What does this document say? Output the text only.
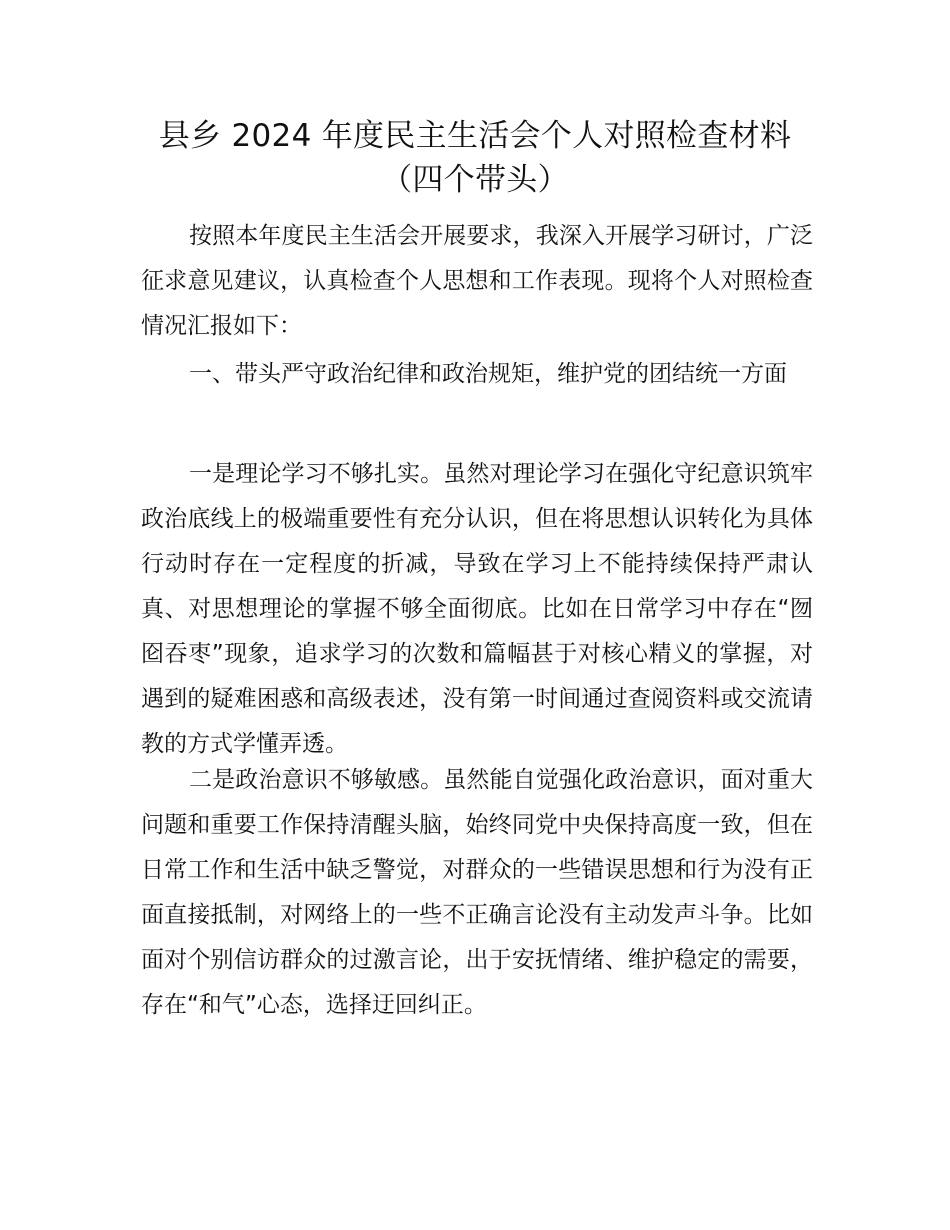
县乡 2024 年度民主生活会个人对照检查材料
（四个带头）

按照本年度民主生活会开展要求，我深入开展学习研讨，广泛征求意见建议，认真检查个人思想和工作表现。现将个人对照检查情况汇报如下：

一、带头严守政治纪律和政治规矩，维护党的团结统一方面

一是理论学习不够扎实。虽然对理论学习在强化守纪意识筑牢政治底线上的极端重要性有充分认识，但在将思想认识转化为具体行动时存在一定程度的折减，导致在学习上不能持续保持严肃认真、对思想理论的掌握不够全面彻底。比如在日常学习中存在“囫囵吞枣”现象，追求学习的次数和篇幅甚于对核心精义的掌握，对遇到的疑难困惑和高级表述，没有第一时间通过查阅资料或交流请教的方式学懂弄透。

二是政治意识不够敏感。虽然能自觉强化政治意识，面对重大问题和重要工作保持清醒头脑，始终同党中央保持高度一致，但在日常工作和生活中缺乏警觉，对群众的一些错误思想和行为没有正面直接抵制，对网络上的一些不正确言论没有主动发声斗争。比如面对个别信访群众的过激言论，出于安抚情绪、维护稳定的需要，存在“和气”心态，选择迂回纠正。
